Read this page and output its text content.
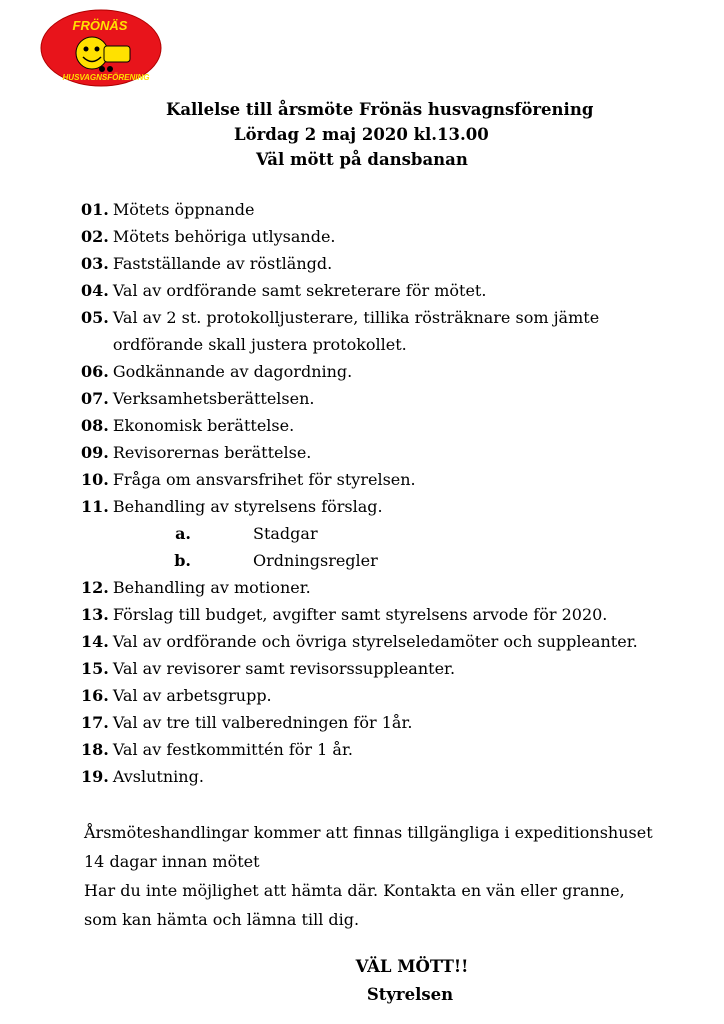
FRÖNÄS
HUSVAGNSFÖRENING
Kallelse till årsmöte Frönäs husvagnsförening
Lördag 2 maj 2020 kl.13.00
Väl mött på dansbanan
01. Mötets öppnande
02. Mötets behöriga utlysande.
03. Fastställande av röstlängd.
04. Val av ordförande samt sekreterare för mötet.
05. Val av 2 st. protokolljusterare, tillika rösträknare som jämte
ordförande skall justera protokollet.
06. Godkännande av dagordning.
07. Verksamhetsberättelsen.
08. Ekonomisk berättelse.
09. Revisorernas berättelse.
10. Fråga om ansvarsfrihet för styrelsen.
11. Behandling av styrelsens förslag.
a.	Stadgar
b.	Ordningsregler
12. Behandling av motioner.
13. Förslag till budget, avgifter samt styrelsens arvode för 2020.
14. Val av ordförande och övriga styrelseledamöter och suppleanter.
15. Val av revisorer samt revisorssuppleanter.
16. Val av arbetsgrupp.
17. Val av tre till valberedningen för 1år.
18. Val av festkommittén för 1 år.
19. Avslutning.
Årsmöteshandlingar kommer att finnas tillgängliga i expeditionshuset
14 dagar innan mötet
Har du inte möjlighet att hämta där. Kontakta en vän eller granne,
som kan hämta och lämna till dig.
VÄL MÖTT!!
Styrelsen
